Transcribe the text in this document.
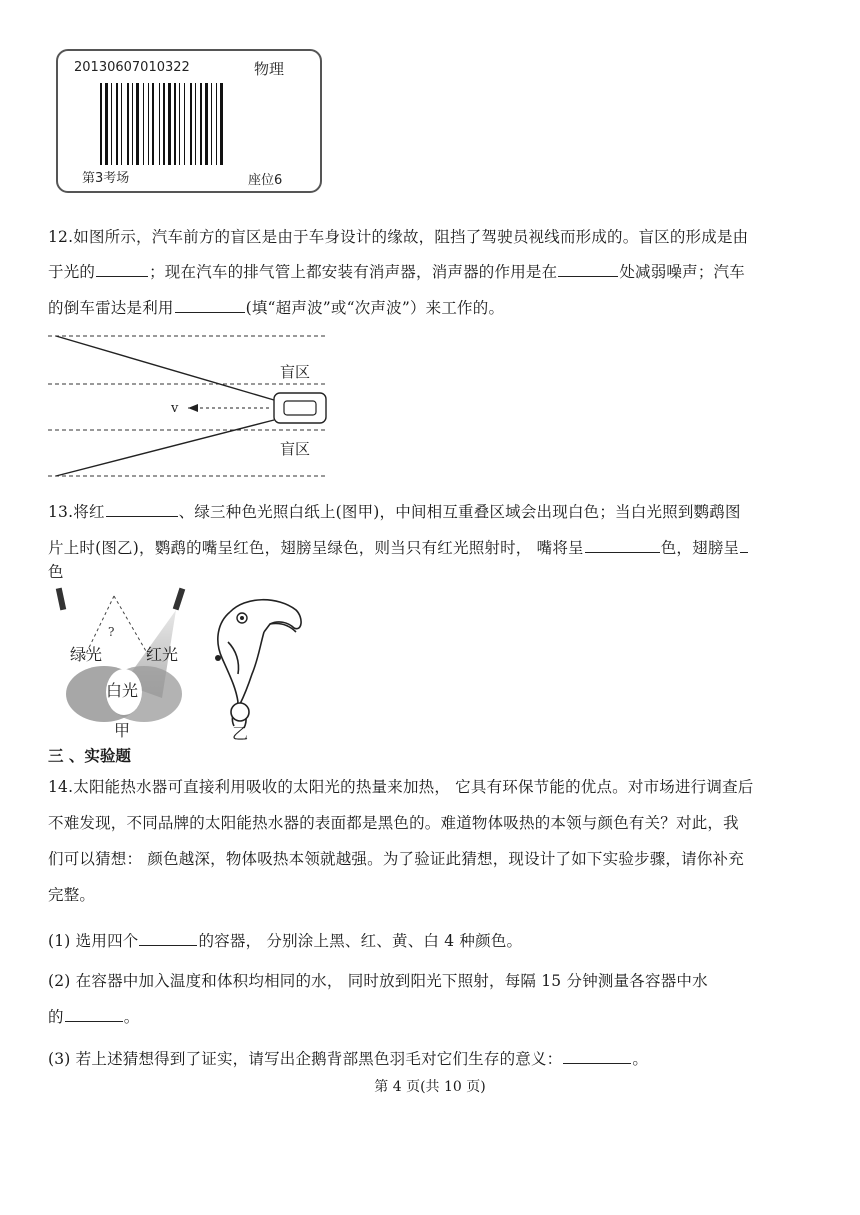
20130607010322	物理
第3考场	座位6
12.如图所示，汽车前方的盲区是由于车身设计的缘故，阻挡了驾驶员视线而形成的。盲区的形成是由
于光的	；现在汽车的排气管上都安装有消声器，消声器的作用是在	处减弱噪声；汽车
的倒车雷达是利用	(填“超声波”或“次声波”）来工作的。
v
盲区
盲区
13.将红	、绿三种色光照白纸上(图甲)，中间相互重叠区域会出现白色；当白光照到鹦鹉图
片上时(图乙)，鹦鹉的嘴呈红色，翅膀呈绿色，则当只有红光照射时， 嘴将呈	色，翅膀呈
色
?
绿光	红光
白光
甲	乙
三 、实验题
14.太阳能热水器可直接利用吸收的太阳光的热量来加热， 它具有环保节能的优点。对市场进行调查后
不难发现，不同品牌的太阳能热水器的表面都是黑色的。难道物体吸热的本领与颜色有关？对此，我
们可以猜想： 颜色越深，物体吸热本领就越强。为了验证此猜想，现设计了如下实验步骤，请你补充
完整。
(1) 选用四个	的容器， 分别涂上黑、红、黄、白 4 种颜色。
(2) 在容器中加入温度和体积均相同的水， 同时放到阳光下照射，每隔 15 分钟测量各容器中水
的	。
(3) 若上述猜想得到了证实，请写出企鹅背部黑色羽毛对它们生存的意义：	。
第 4 页(共 10 页)
